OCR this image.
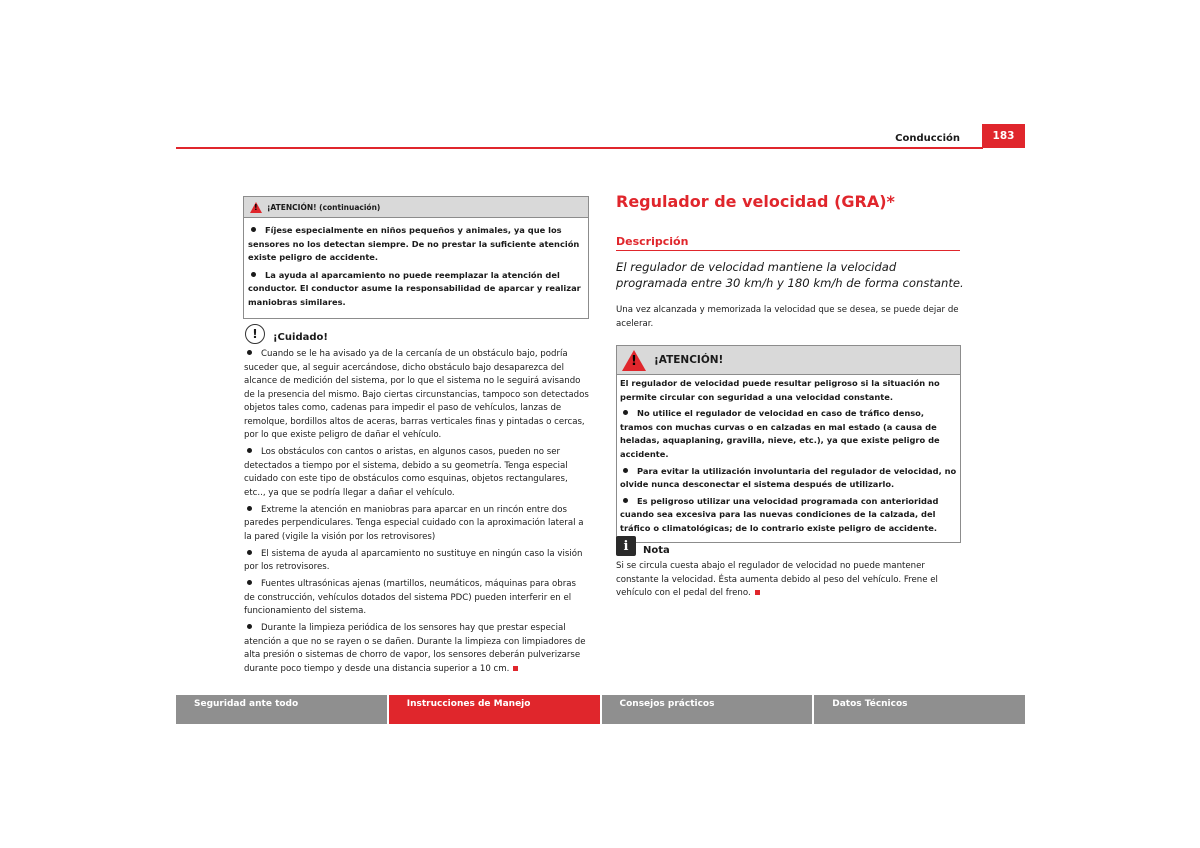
Conducción	183
! ¡ATENCIÓN! (continuación)

Fíjese especialmente en niños pequeños y animales, ya que los sensores no los detectan siempre. De no prestar la suficiente atención existe peligro de accidente.

La ayuda al aparcamiento no puede reemplazar la atención del conductor. El conductor asume la responsabilidad de aparcar y realizar maniobras similares.

!	¡Cuidado!

Cuando se le ha avisado ya de la cercanía de un obstáculo bajo, podría suceder que, al seguir acercándose, dicho obstáculo bajo desaparezca del alcance de medición del sistema, por lo que el sistema no le seguirá avisando de la presencia del mismo. Bajo ciertas circunstancias, tampoco son detectados objetos tales como, cadenas para impedir el paso de vehículos, lanzas de remolque, bordillos altos de aceras, barras verticales finas y pintadas o cercas, por lo que existe peligro de dañar el vehículo.

Los obstáculos con cantos o aristas, en algunos casos, pueden no ser detectados a tiempo por el sistema, debido a su geometría. Tenga especial cuidado con este tipo de obstáculos como esquinas, objetos rectangulares, etc.., ya que se podría llegar a dañar el vehículo.

Extreme la atención en maniobras para aparcar en un rincón entre dos paredes perpendiculares. Tenga especial cuidado con la aproximación lateral a la pared (vigile la visión por los retrovisores)

El sistema de ayuda al aparcamiento no sustituye en ningún caso la visión por los retrovisores.

Fuentes ultrasónicas ajenas (martillos, neumáticos, máquinas para obras de construcción, vehículos dotados del sistema PDC) pueden interferir en el funcionamiento del sistema.

Durante la limpieza periódica de los sensores hay que prestar especial atención a que no se rayen o se dañen. Durante la limpieza con limpiadores de alta presión o sistemas de chorro de vapor, los sensores deberán pulverizarse durante poco tiempo y desde una distancia superior a 10 cm.

Regulador de velocidad (GRA)*
Descripción
El regulador de velocidad mantiene la velocidad programada entre 30 km/h y 180 km/h de forma constante.
Una vez alcanzada y memorizada la velocidad que se desea, se puede dejar de acelerar.
! ¡ATENCIÓN!

El regulador de velocidad puede resultar peligroso si la situación no permite circular con seguridad a una velocidad constante.

No utilice el regulador de velocidad en caso de tráfico denso, tramos con muchas curvas o en calzadas en mal estado (a causa de heladas, aquaplaning, gravilla, nieve, etc.), ya que existe peligro de accidente.

Para evitar la utilización involuntaria del regulador de velocidad, no olvide nunca desconectar el sistema después de utilizarlo.

Es peligroso utilizar una velocidad programada con anterioridad cuando sea excesiva para las nuevas condiciones de la calzada, del tráfico o climatológicas; de lo contrario existe peligro de accidente.

i	Nota
Si se circula cuesta abajo el regulador de velocidad no puede mantener constante la velocidad. Ésta aumenta debido al peso del vehículo. Frene el vehículo con el pedal del freno.
Seguridad ante todo	Instrucciones de Manejo	Consejos prácticos	Datos Técnicos
